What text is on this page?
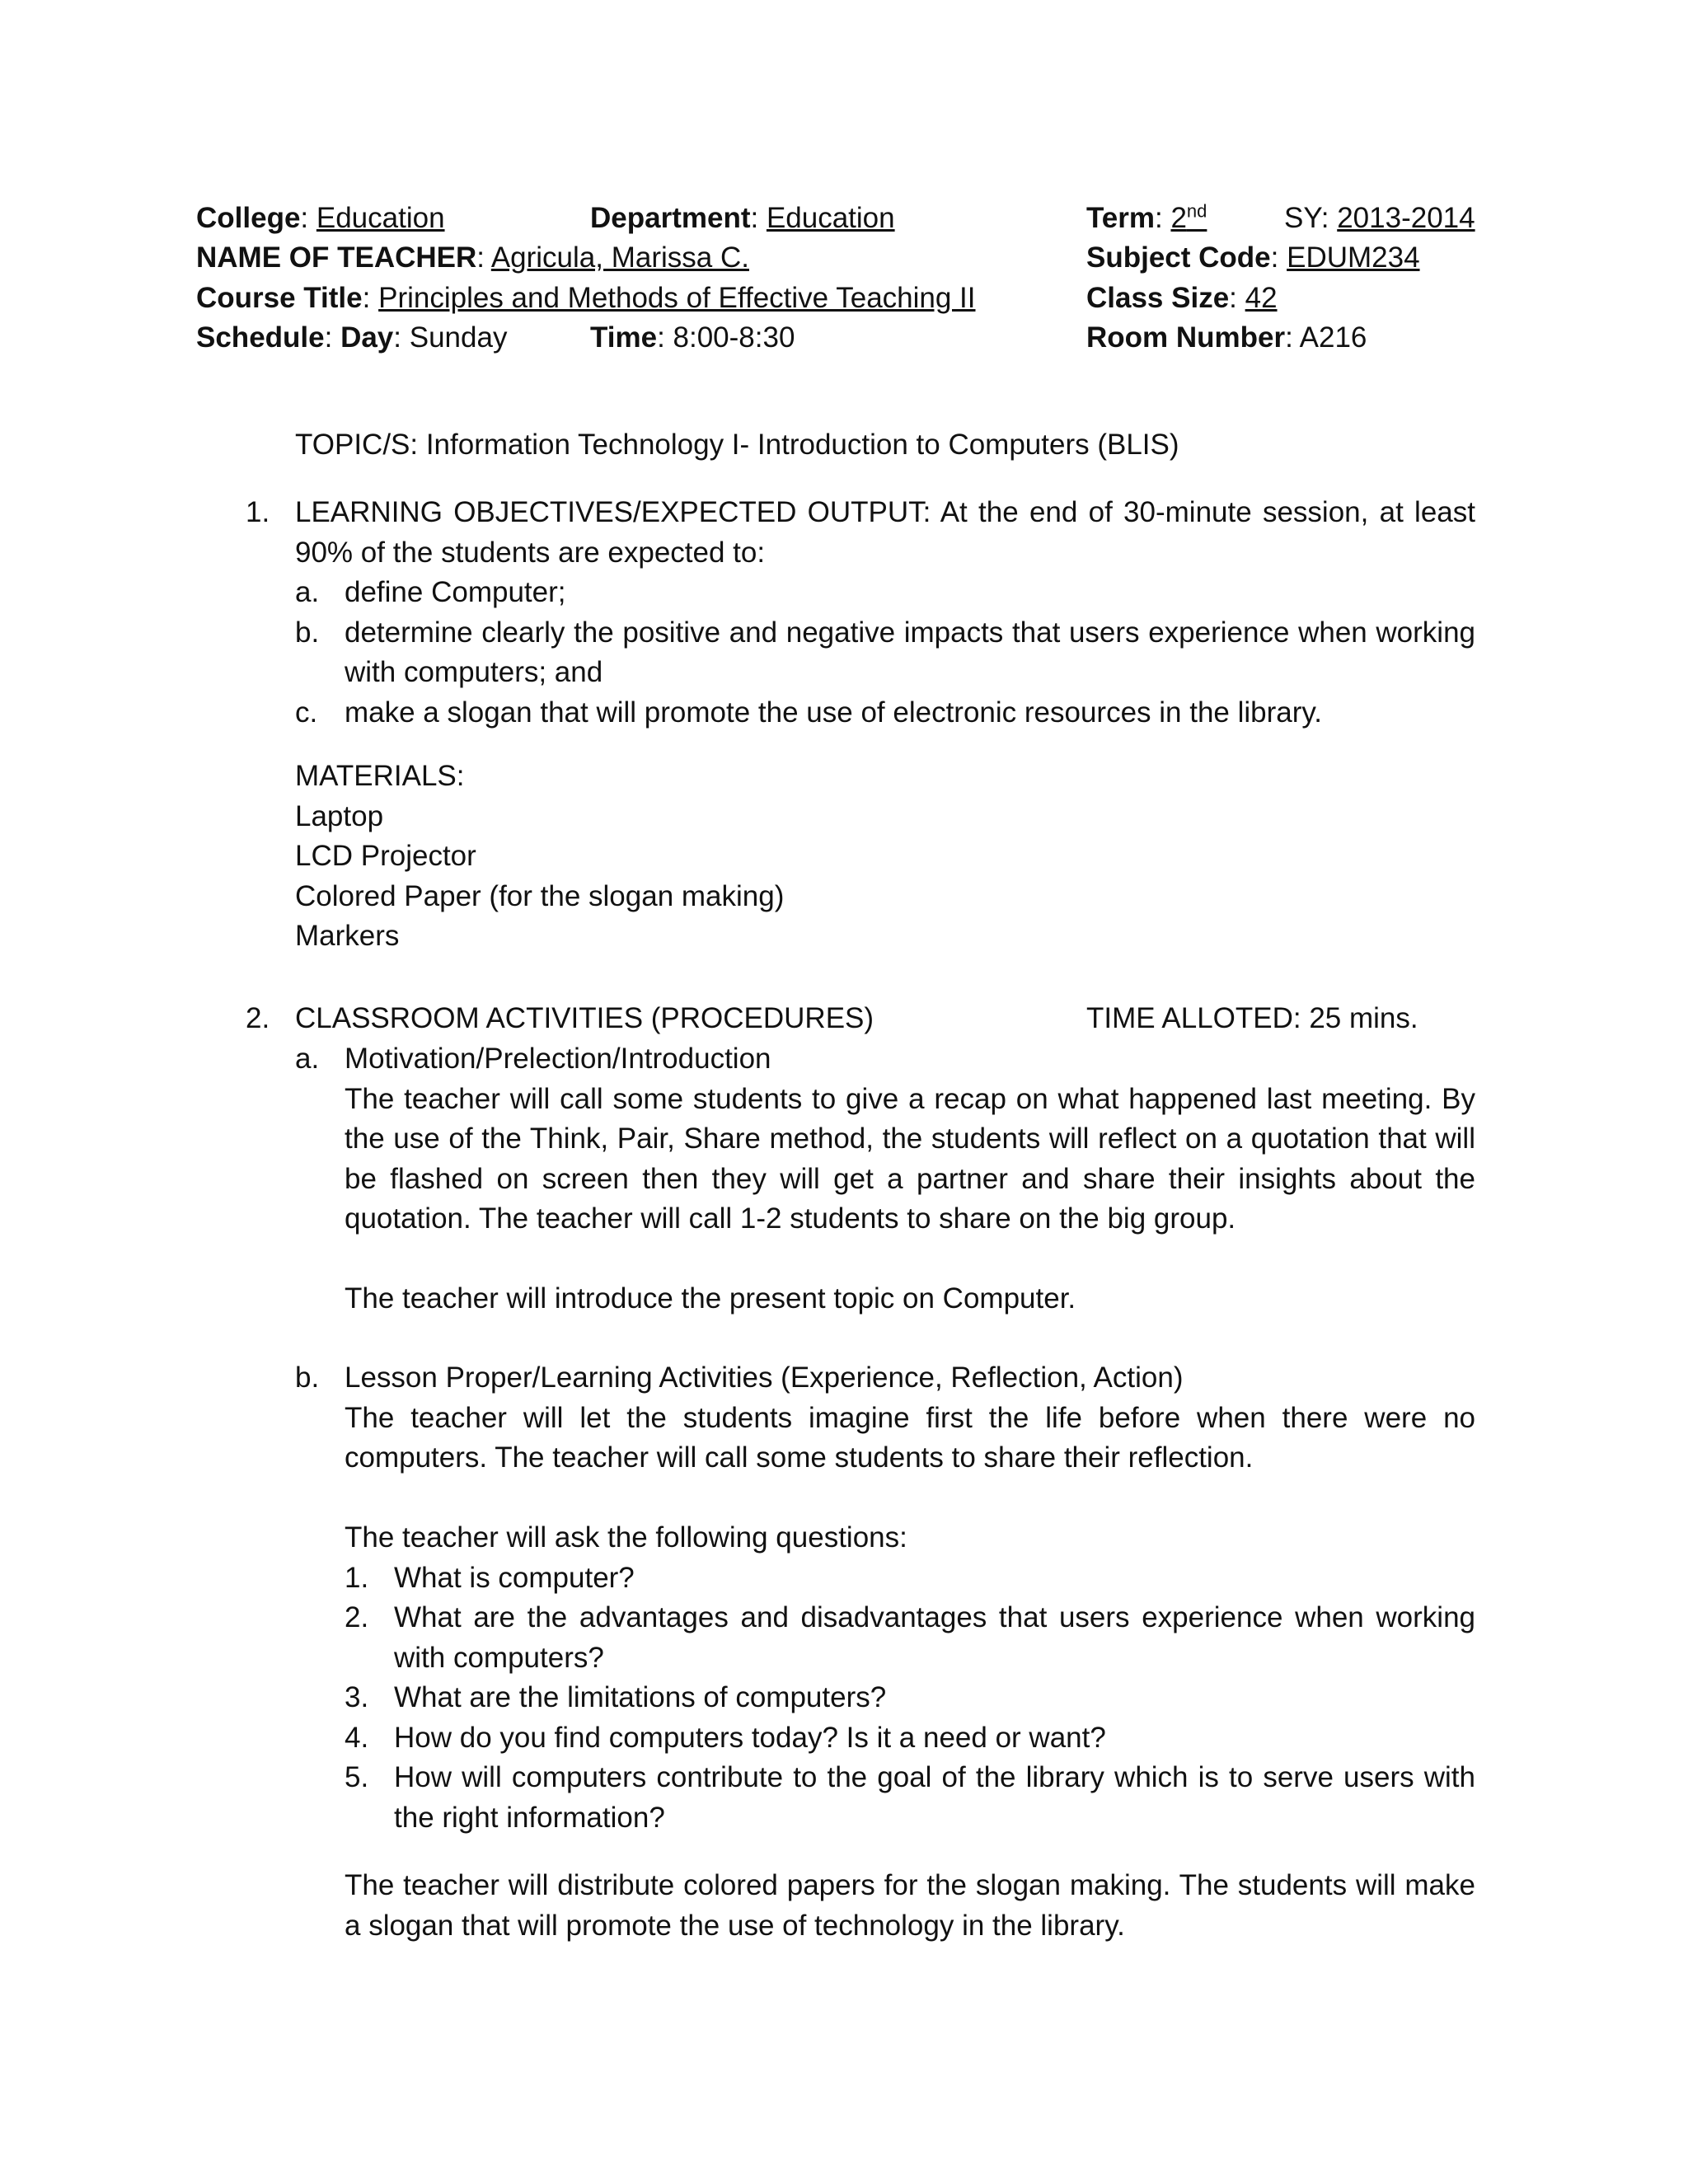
College: Education	Department: Education	Term: 2nd	SY: 2013-2014
NAME OF TEACHER: Agricula, Marissa C.	Subject Code: EDUM234
Course Title: Principles and Methods of Effective Teaching II	Class Size: 42
Schedule: Day: Sunday	Time: 8:00-8:30	Room Number: A216
TOPIC/S: Information Technology I- Introduction to Computers (BLIS)
1. LEARNING OBJECTIVES/EXPECTED OUTPUT: At the end of 30-minute session, at least 90% of the students are expected to:
a. define Computer;
b. determine clearly the positive and negative impacts that users experience when working with computers; and
c. make a slogan that will promote the use of electronic resources in the library.

MATERIALS:

Laptop

LCD Projector

Colored Paper (for the slogan making)

Markers

2. CLASSROOM ACTIVITIES (PROCEDURES)	TIME ALLOTED: 25 mins.
a. Motivation/Prelection/Introduction

The teacher will call some students to give a recap on what happened last meeting. By the use of the Think, Pair, Share method, the students will reflect on a quotation that will be flashed on screen then they will get a partner and share their insights about the quotation. The teacher will call 1-2 students to share on the big group.

The teacher will introduce the present topic on Computer.

b. Lesson Proper/Learning Activities (Experience, Reflection, Action)

The teacher will let the students imagine first the life before when there were no computers. The teacher will call some students to share their reflection.

The teacher will ask the following questions:

1. What is computer?
2. What are the advantages and disadvantages that users experience when working with computers?
3. What are the limitations of computers?
4. How do you find computers today? Is it a need or want?
5. How will computers contribute to the goal of the library which is to serve users with the right information?

The teacher will distribute colored papers for the slogan making. The students will make a slogan that will promote the use of technology in the library.
